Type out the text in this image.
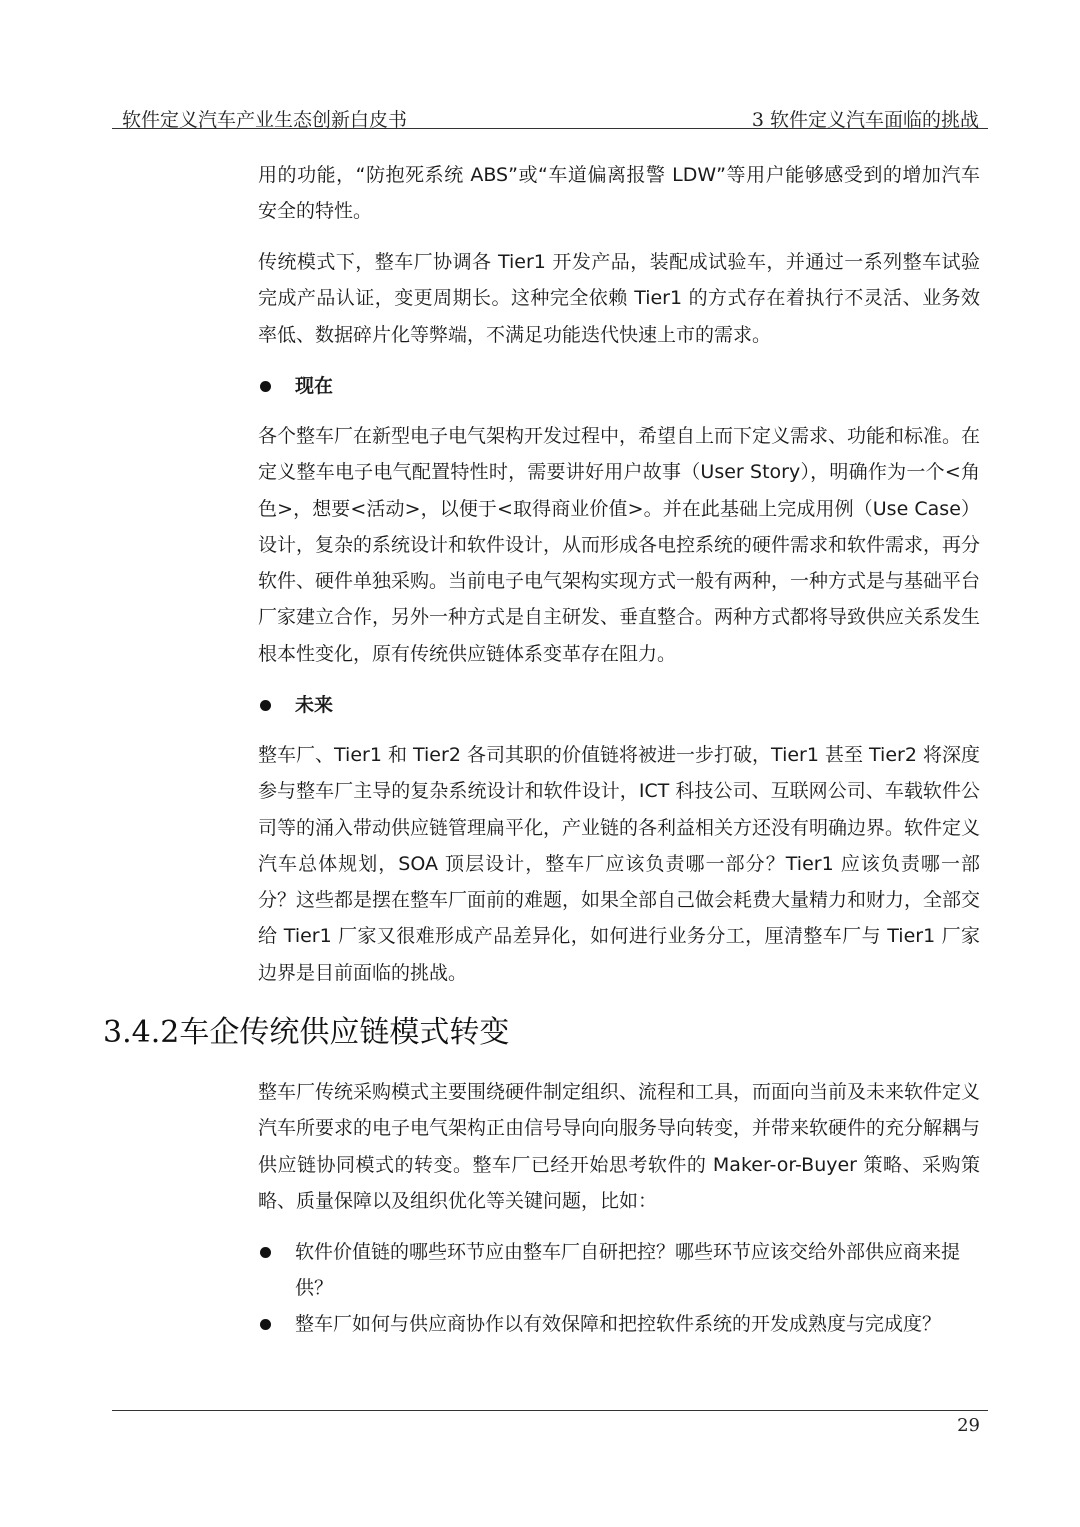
软件定义汽车产业生态创新白皮书	3 软件定义汽车面临的挑战

用的功能，“防抱死系统 ABS”或“车道偏离报警 LDW”等用户能够感受到的增加汽车安全的特性。

传统模式下，整车厂协调各 Tier1 开发产品，装配成试验车，并通过一系列整车试验完成产品认证，变更周期长。这种完全依赖 Tier1 的方式存在着执行不灵活、业务效率低、数据碎片化等弊端，不满足功能迭代快速上市的需求。

现在

各个整车厂在新型电子电气架构开发过程中，希望自上而下定义需求、功能和标准。在定义整车电子电气配置特性时，需要讲好用户故事（User Story），明确作为一个<角色>，想要<活动>，以便于<取得商业价值>。并在此基础上完成用例（Use Case）设计，复杂的系统设计和软件设计，从而形成各电控系统的硬件需求和软件需求，再分软件、硬件单独采购。当前电子电气架构实现方式一般有两种，一种方式是与基础平台厂家建立合作，另外一种方式是自主研发、垂直整合。两种方式都将导致供应关系发生根本性变化，原有传统供应链体系变革存在阻力。

未来

整车厂、Tier1 和 Tier2 各司其职的价值链将被进一步打破，Tier1 甚至 Tier2 将深度参与整车厂主导的复杂系统设计和软件设计，ICT 科技公司、互联网公司、车载软件公司等的涌入带动供应链管理扁平化，产业链的各利益相关方还没有明确边界。软件定义汽车总体规划，SOA 顶层设计，整车厂应该负责哪一部分？Tier1 应该负责哪一部分？这些都是摆在整车厂面前的难题，如果全部自己做会耗费大量精力和财力，全部交给 Tier1 厂家又很难形成产品差异化，如何进行业务分工，厘清整车厂与 Tier1 厂家边界是目前面临的挑战。

3.4.2车企传统供应链模式转变

整车厂传统采购模式主要围绕硬件制定组织、流程和工具，而面向当前及未来软件定义汽车所要求的电子电气架构正由信号导向向服务导向转变，并带来软硬件的充分解耦与供应链协同模式的转变。整车厂已经开始思考软件的 Maker-or-Buyer 策略、采购策略、质量保障以及组织优化等关键问题，比如：

软件价值链的哪些环节应由整车厂自研把控？哪些环节应该交给外部供应商来提供？
整车厂如何与供应商协作以有效保障和把控软件系统的开发成熟度与完成度？
29
